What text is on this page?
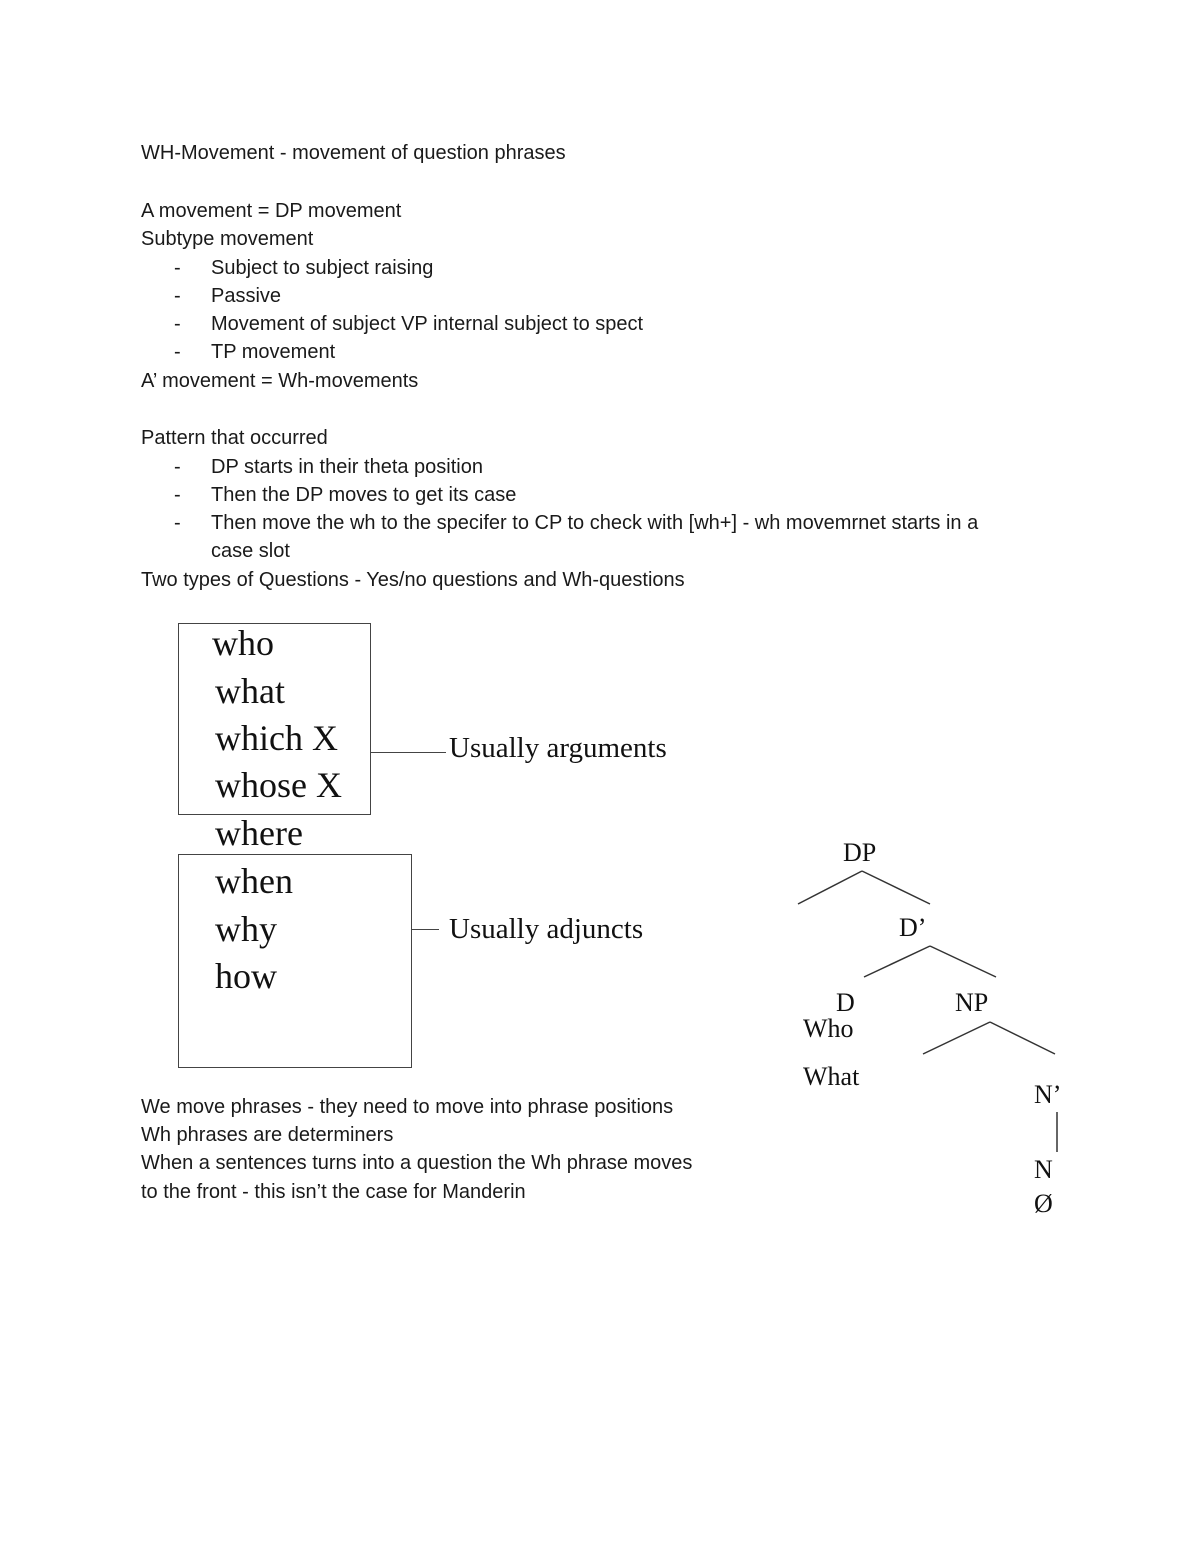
WH-Movement - movement of question phrases
A movement = DP movement
Subtype movement
- Subject to subject raising
- Passive
- Movement of subject VP internal subject to spect
- TP movement
A’ movement = Wh-movements
Pattern that occurred
- DP starts in their theta position
- Then the DP moves to get its case
- Then move the wh to the specifer to CP to check with [wh+] - wh movemrnet starts in a
case slot
Two types of Questions - Yes/no questions and Wh-questions
who
what
which X
whose X
where
when
why
how
Usually arguments
Usually adjuncts
We move phrases - they need to move into phrase positions
Wh phrases are determiners
When a sentences turns into a question the Wh phrase moves
to the front - this isn’t the case for Manderin
DP
D’
D	NP
Who
What
N’
N
Ø
